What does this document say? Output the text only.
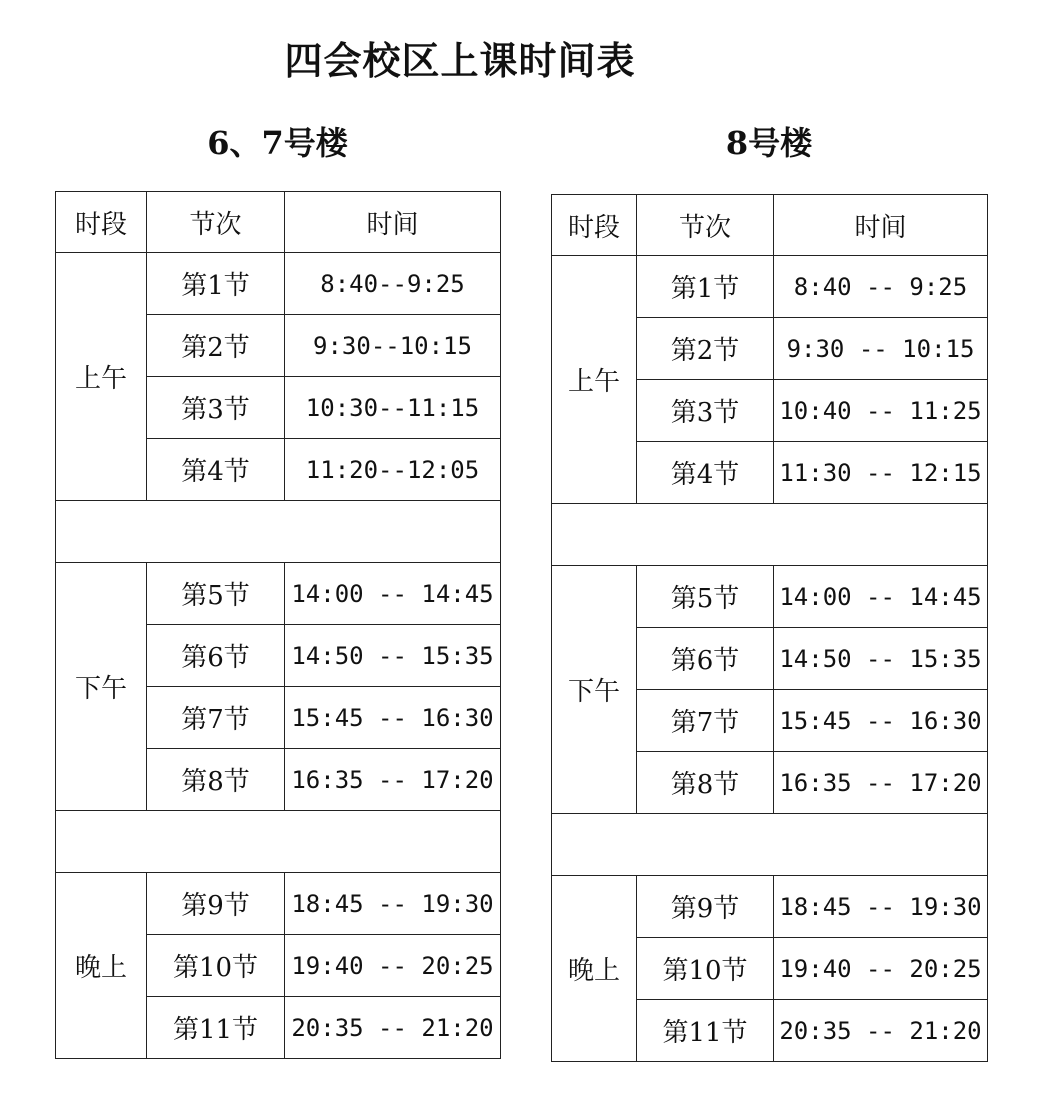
四会校区上课时间表
6、7号楼	8号楼
时段	节次	时间
上午	第1节	8:40--9:25
	第2节	9:30--10:15
	第3节	10:30--11:15
	第4节	11:20--12:05

下午	第5节	14:00 -- 14:45
	第6节	14:50 -- 15:35
	第7节	15:45 -- 16:30
	第8节	16:35 -- 17:20

晚上	第9节	18:45 -- 19:30
	第10节	19:40 -- 20:25
	第11节	20:35 -- 21:20
时段	节次	时间
上午	第1节	8:40 -- 9:25
	第2节	9:30 -- 10:15
	第3节	10:40 -- 11:25
	第4节	11:30 -- 12:15

下午	第5节	14:00 -- 14:45
	第6节	14:50 -- 15:35
	第7节	15:45 -- 16:30
	第8节	16:35 -- 17:20

晚上	第9节	18:45 -- 19:30
	第10节	19:40 -- 20:25
	第11节	20:35 -- 21:20
